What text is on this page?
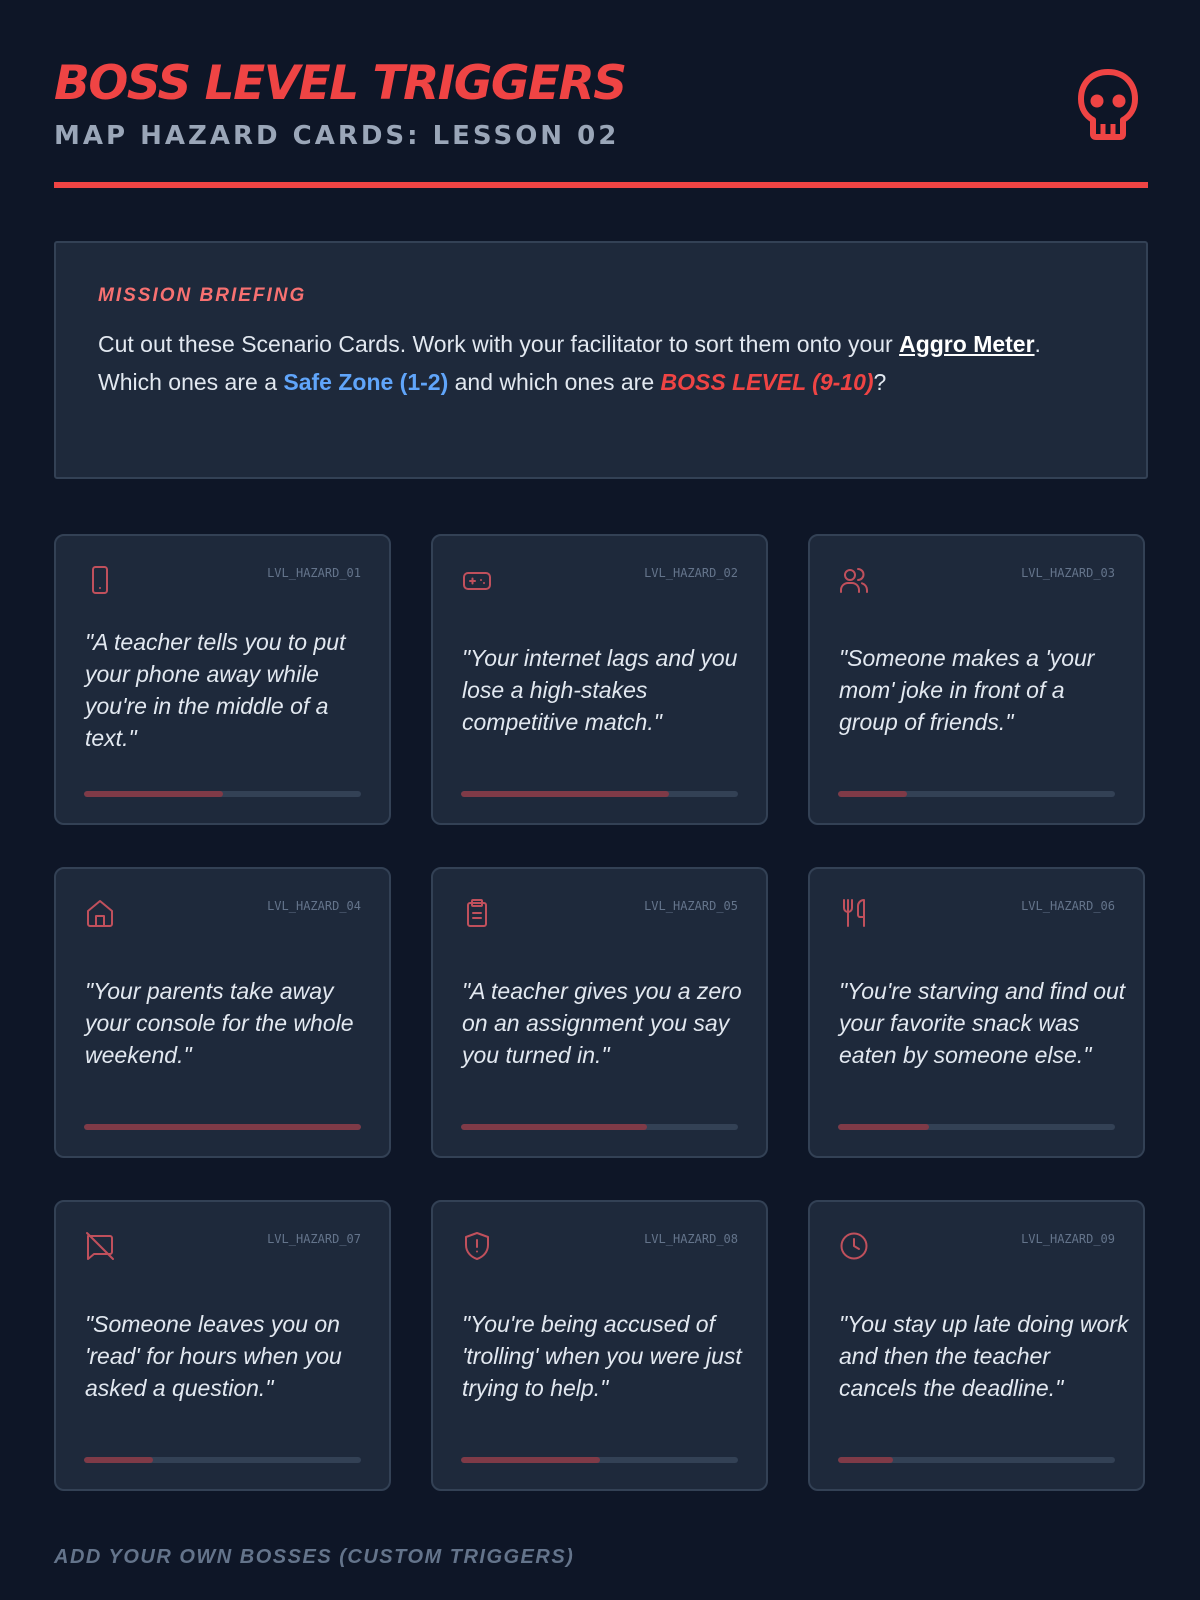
BOSS LEVEL TRIGGERS
MAP HAZARD CARDS: LESSON 02
MISSION BRIEFING
Cut out these Scenario Cards. Work with your facilitator to sort them onto your Aggro Meter.
Which ones are a Safe Zone (1-2) and which ones are BOSS LEVEL (9-10)?
LVL_HAZARD_01
"A teacher tells you to put your phone away while you're in the middle of a text."
LVL_HAZARD_02
"Your internet lags and you lose a high-stakes competitive match."
LVL_HAZARD_03
"Someone makes a 'your mom' joke in front of a group of friends."
LVL_HAZARD_04
"Your parents take away your console for the whole weekend."
LVL_HAZARD_05
"A teacher gives you a zero on an assignment you say you turned in."
LVL_HAZARD_06
"You're starving and find out your favorite snack was eaten by someone else."
LVL_HAZARD_07
"Someone leaves you on 'read' for hours when you asked a question."
LVL_HAZARD_08
"You're being accused of 'trolling' when you were just trying to help."
LVL_HAZARD_09
"You stay up late doing work and then the teacher cancels the deadline."
ADD YOUR OWN BOSSES (CUSTOM TRIGGERS)
